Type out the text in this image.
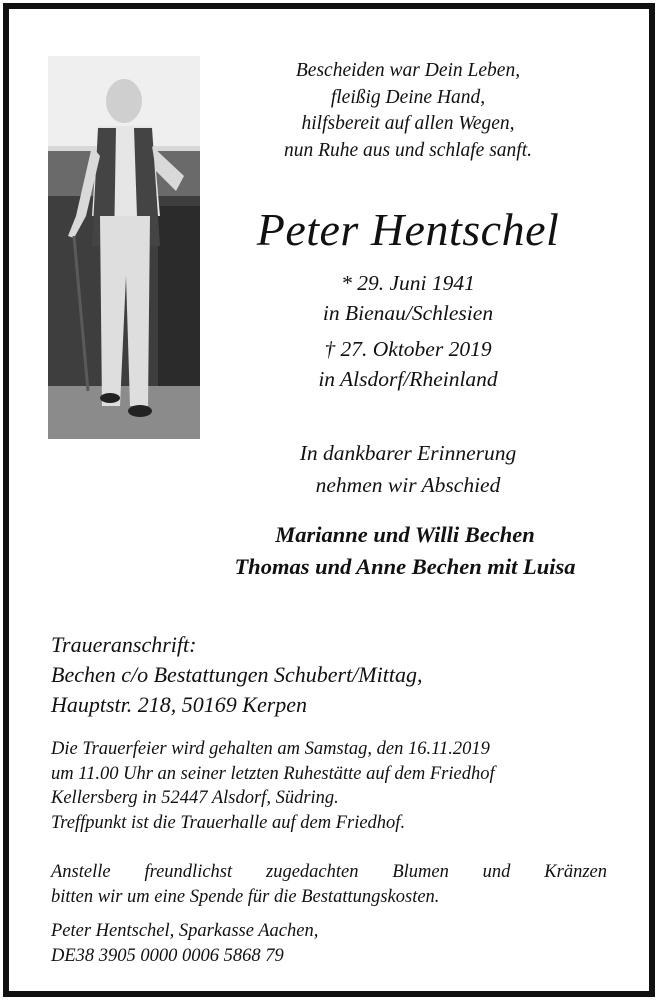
Bescheiden war Dein Leben,
fleißig Deine Hand,
hilfsbereit auf allen Wegen,
nun Ruhe aus und schlafe sanft.
Peter Hentschel
* 29. Juni 1941
in Bienau/Schlesien
† 27. Oktober 2019
in Alsdorf/Rheinland
In dankbarer Erinnerung
nehmen wir Abschied
Marianne und Willi Bechen
Thomas und Anne Bechen mit Luisa
Traueranschrift:
Bechen c/o Bestattungen Schubert/Mittag,
Hauptstr. 218, 50169 Kerpen
Die Trauerfeier wird gehalten am Samstag, den 16.11.2019
um 11.00 Uhr an seiner letzten Ruhestätte auf dem Friedhof
Kellersberg in 52447 Alsdorf, Südring.
Treffpunkt ist die Trauerhalle auf dem Friedhof.
Anstelle freundlichst zugedachten Blumen und Kränzen
bitten wir um eine Spende für die Bestattungskosten.
Peter Hentschel, Sparkasse Aachen,
DE38 3905 0000 0006 5868 79
